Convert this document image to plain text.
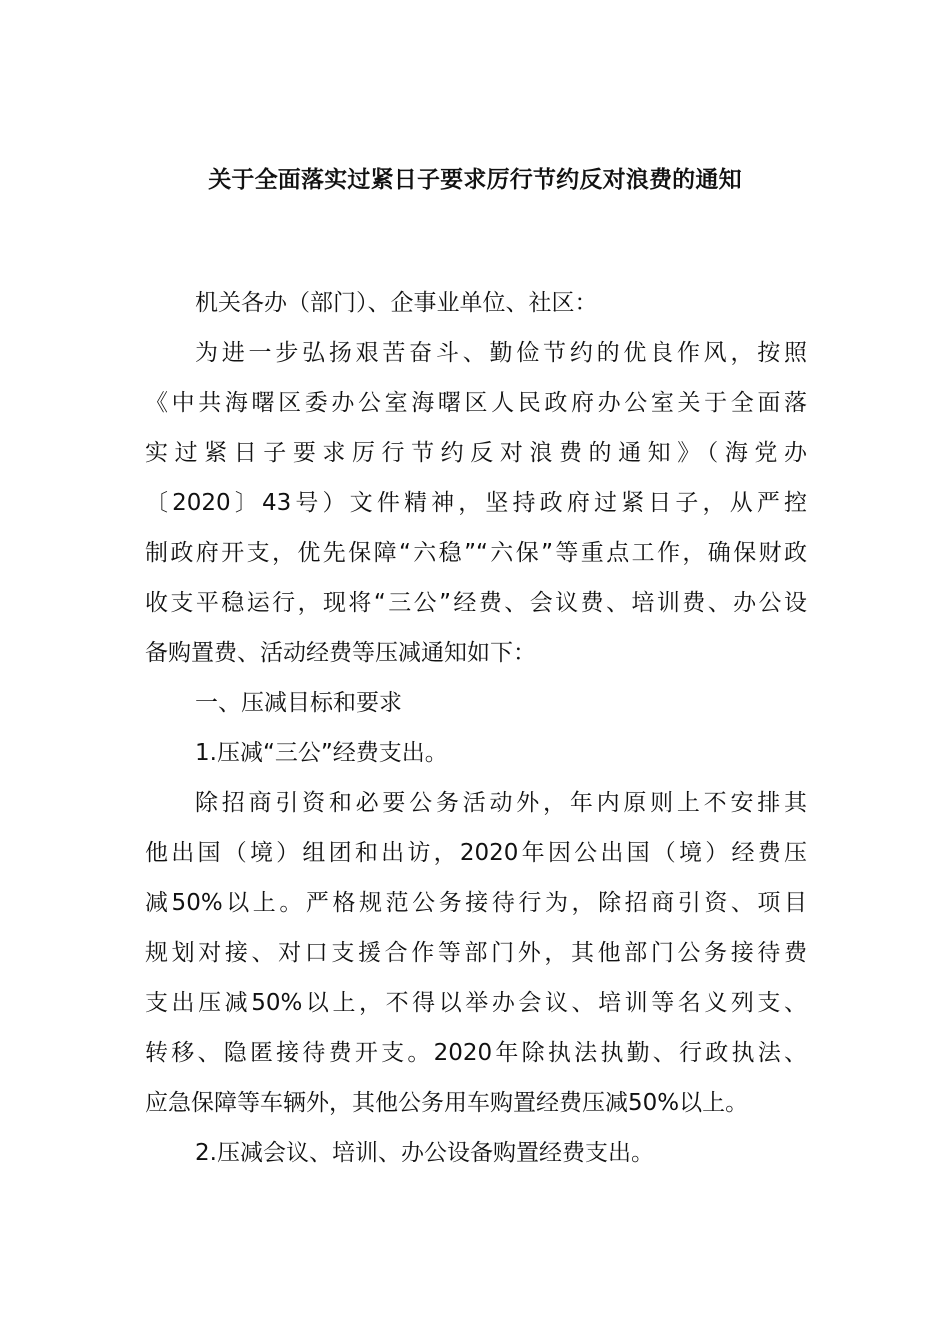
关于全面落实过紧日子要求厉行节约反对浪费的通知
机关各办（部门）、企事业单位、社区：
为进一步弘扬艰苦奋斗、勤俭节约的优良作风，按照
《中共海曙区委办公室海曙区人民政府办公室关于全面落
实过紧日子要求厉行节约反对浪费的通知》（海党办
〔2020〕43号）文件精神，坚持政府过紧日子，从严控
制政府开支，优先保障“六稳”“六保”等重点工作，确保财政
收支平稳运行，现将“三公”经费、会议费、培训费、办公设
备购置费、活动经费等压减通知如下：
一、压减目标和要求
1.压减“三公”经费支出。
除招商引资和必要公务活动外，年内原则上不安排其
他出国（境）组团和出访，2020年因公出国（境）经费压
减50%以上。严格规范公务接待行为，除招商引资、项目
规划对接、对口支援合作等部门外，其他部门公务接待费
支出压减50%以上，不得以举办会议、培训等名义列支、
转移、隐匿接待费开支。2020年除执法执勤、行政执法、
应急保障等车辆外，其他公务用车购置经费压减50%以上。
2.压减会议、培训、办公设备购置经费支出。
